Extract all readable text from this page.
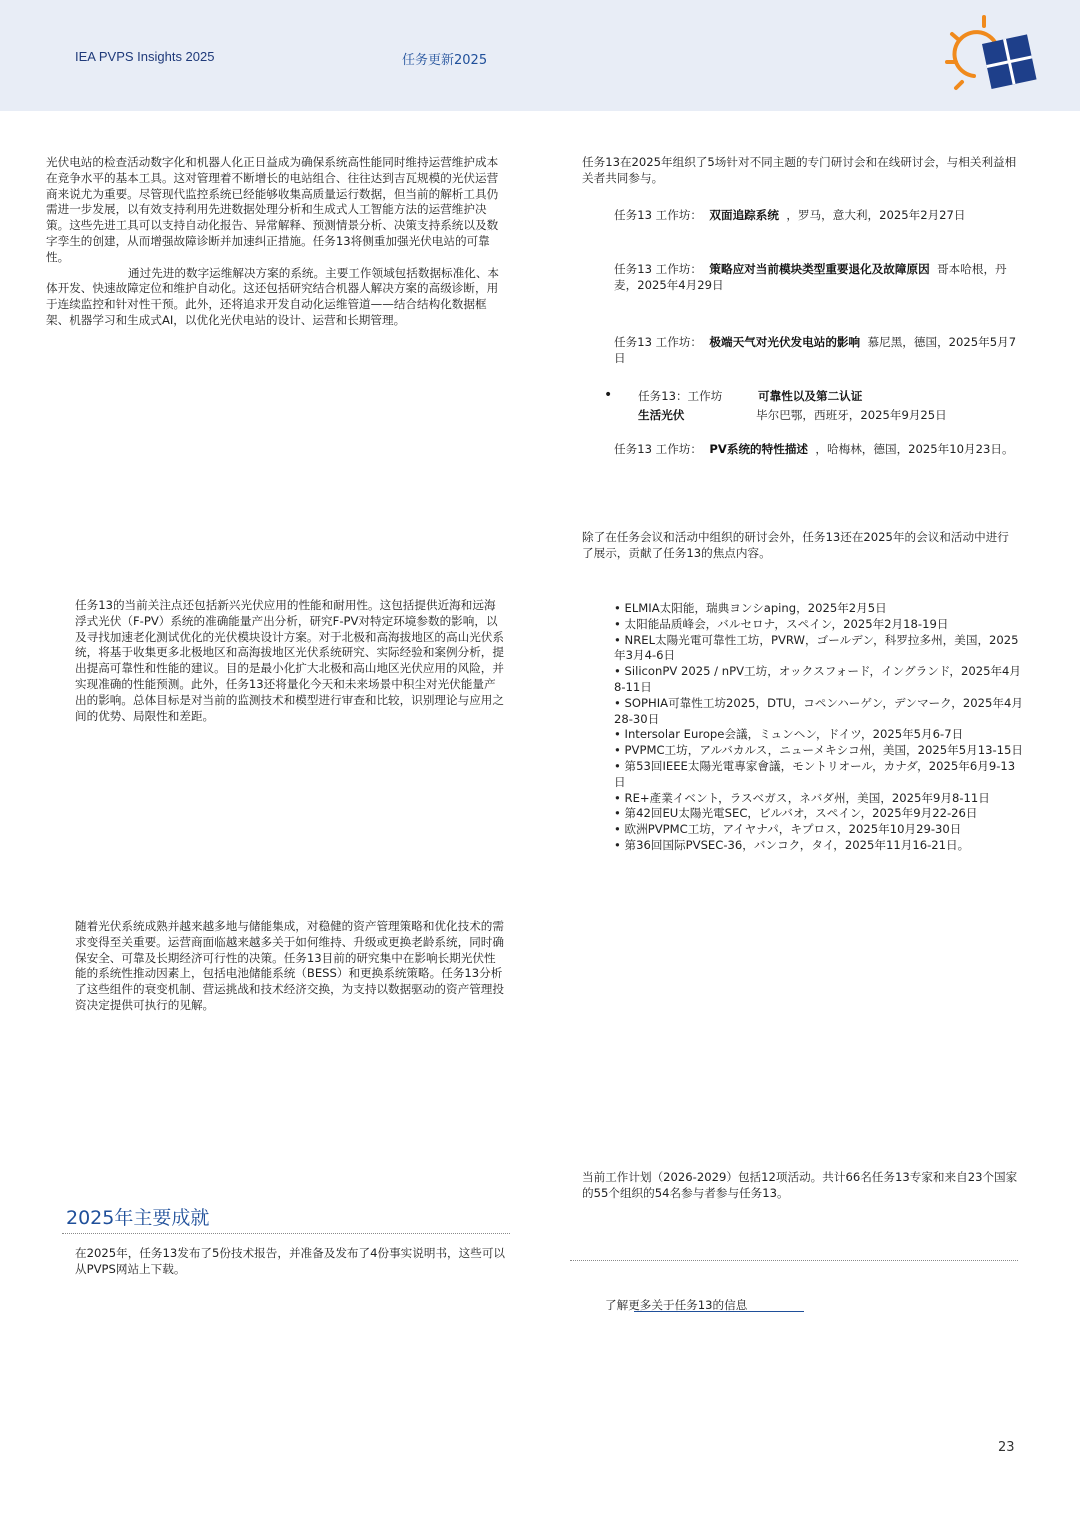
IEA PVPS Insights 2025	任务更新2025

光伏电站的检查活动数字化和机器人化正日益成为确保系统高性能同时维持运营维护成本在竞争水平的基本工具。这对管理着不断增长的电站组合、往往达到吉瓦规模的光伏运营商来说尤为重要。尽管现代监控系统已经能够收集高质量运行数据，但当前的解析工具仍需进一步发展，以有效支持利用先进数据处理分析和生成式人工智能方法的运营维护决策。这些先进工具可以支持自动化报告、异常解释、预测情景分析、决策支持系统以及数字孪生的创建，从而增强故障诊断并加速纠正措施。任务13将侧重加强光伏电站的可靠性。

通过先进的数字运维解决方案的系统。主要工作领域包括数据标准化、本体开发、快速故障定位和维护自动化。这还包括研究结合机器人解决方案的高级诊断，用于连续监控和针对性干预。此外，还将追求开发自动化运维管道——结合结构化数据框架、机器学习和生成式AI，以优化光伏电站的设计、运营和长期管理。

任务13的当前关注点还包括新兴光伏应用的性能和耐用性。这包括提供近海和远海浮式光伏（F-PV）系统的准确能量产出分析，研究F-PV对特定环境参数的影响，以及寻找加速老化测试优化的光伏模块设计方案。对于北极和高海拔地区的高山光伏系统，将基于收集更多北极地区和高海拔地区光伏系统研究、实际经验和案例分析，提出提高可靠性和性能的建议。目的是最小化扩大北极和高山地区光伏应用的风险，并实现准确的性能预测。此外，任务13还将量化今天和未来场景中积尘对光伏能量产出的影响。总体目标是对当前的监测技术和模型进行审查和比较，识别理论与应用之间的优势、局限性和差距。

随着光伏系统成熟并越来越多地与储能集成，对稳健的资产管理策略和优化技术的需求变得至关重要。运营商面临越来越多关于如何维持、升级或更换老龄系统，同时确保安全、可靠及长期经济可行性的决策。任务13目前的研究集中在影响长期光伏性能的系统性推动因素上，包括电池储能系统（BESS）和更换系统策略。任务13分析了这些组件的衰变机制、营运挑战和技术经济交换，为支持以数据驱动的资产管理投资决定提供可执行的见解。

2025年主要成就

在2025年，任务13发布了5份技术报告，并准备及发布了4份事实说明书，这些可以从PVPS网站上下载。

任务13在2025年组织了5场针对不同主题的专门研讨会和在线研讨会，与相关利益相关者共同参与。

任务13 工作坊： 双面追踪系统 ，罗马，意大利，2025年2月27日
任务13 工作坊： 策略应对当前模块类型重要退化及故障原因 哥本哈根，丹麦，2025年4月29日
任务13 工作坊： 极端天气对光伏发电站的影响 慕尼黑，德国，2025年5月7日
• 任务13：工作坊	可靠性以及第二认证
生活光伏	毕尔巴鄂，西班牙，2025年9月25日
任务13 工作坊： PV系统的特性描述 ，哈梅林，德国，2025年10月23日。

除了在任务会议和活动中组织的研讨会外，任务13还在2025年的会议和活动中进行了展示，贡献了任务13的焦点内容。

• ELMIA太阳能，瑞典ヨンシaping，2025年2月5日
• 太阳能品质峰会，バルセロナ，スペイン，2025年2月18-19日
• NREL太陽光電可靠性工坊，PVRW，ゴールデン，科罗拉多州，美国，2025年3月4-6日
• SiliconPV 2025 / nPV工坊，オックスフォード，イングランド，2025年4月8-11日
• SOPHIA可靠性工坊2025，DTU，コペンハーゲン，デンマーク，2025年4月28-30日
• Intersolar Europe会議，ミュンヘン，ドイツ，2025年5月6-7日
• PVPMC工坊，アルバカルス，ニューメキシコ州，美国，2025年5月13-15日
• 第53回IEEE太陽光電專家會議，モントリオール，カナダ，2025年6月9-13日
• RE+產業イベント，ラスベガス，ネバダ州，美国，2025年9月8-11日
• 第42回EU太陽光電SEC，ビルバオ，スペイン，2025年9月22-26日
• 欧洲PVPMC工坊，アイヤナパ，キプロス，2025年10月29-30日
• 第36回国际PVSEC-36，バンコク，タイ，2025年11月16-21日。

当前工作计划（2026-2029）包括12项活动。共计66名任务13专家和来自23个国家的55个组织的54名参与者参与任务13。

了解更多关于任务13的信息
23
